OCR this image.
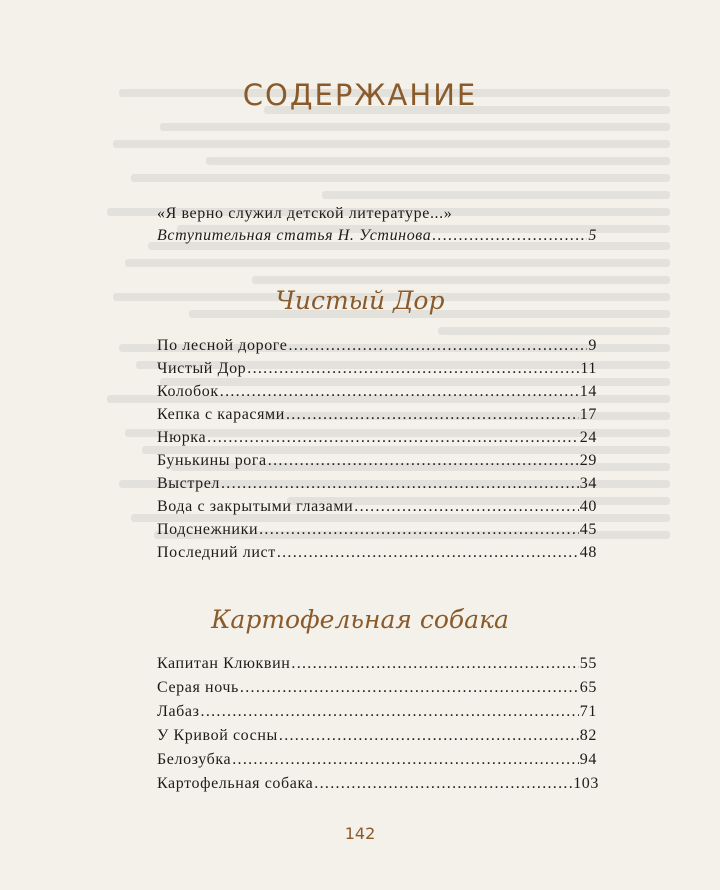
СОДЕРЖАНИЕ
«Я верно служил детской литературе...»
Вступительная статья Н. Устинова .....	5
Чистый Дор
По лесной дороге .....	9
Чистый Дор .....	11
Колобок .....	14
Кепка с карасями .....	17
Нюрка .....	24
Бунькины рога .....	29
Выстрел .....	34
Вода с закрытыми глазами .....	40
Подснежники .....	45
Последний лист .....	48
Картофельная собака
Капитан Клюквин .....	55
Серая ночь .....	65
Лабаз .....	71
У Кривой сосны .....	82
Белозубка .....	94
Картофельная собака .....	103
142
